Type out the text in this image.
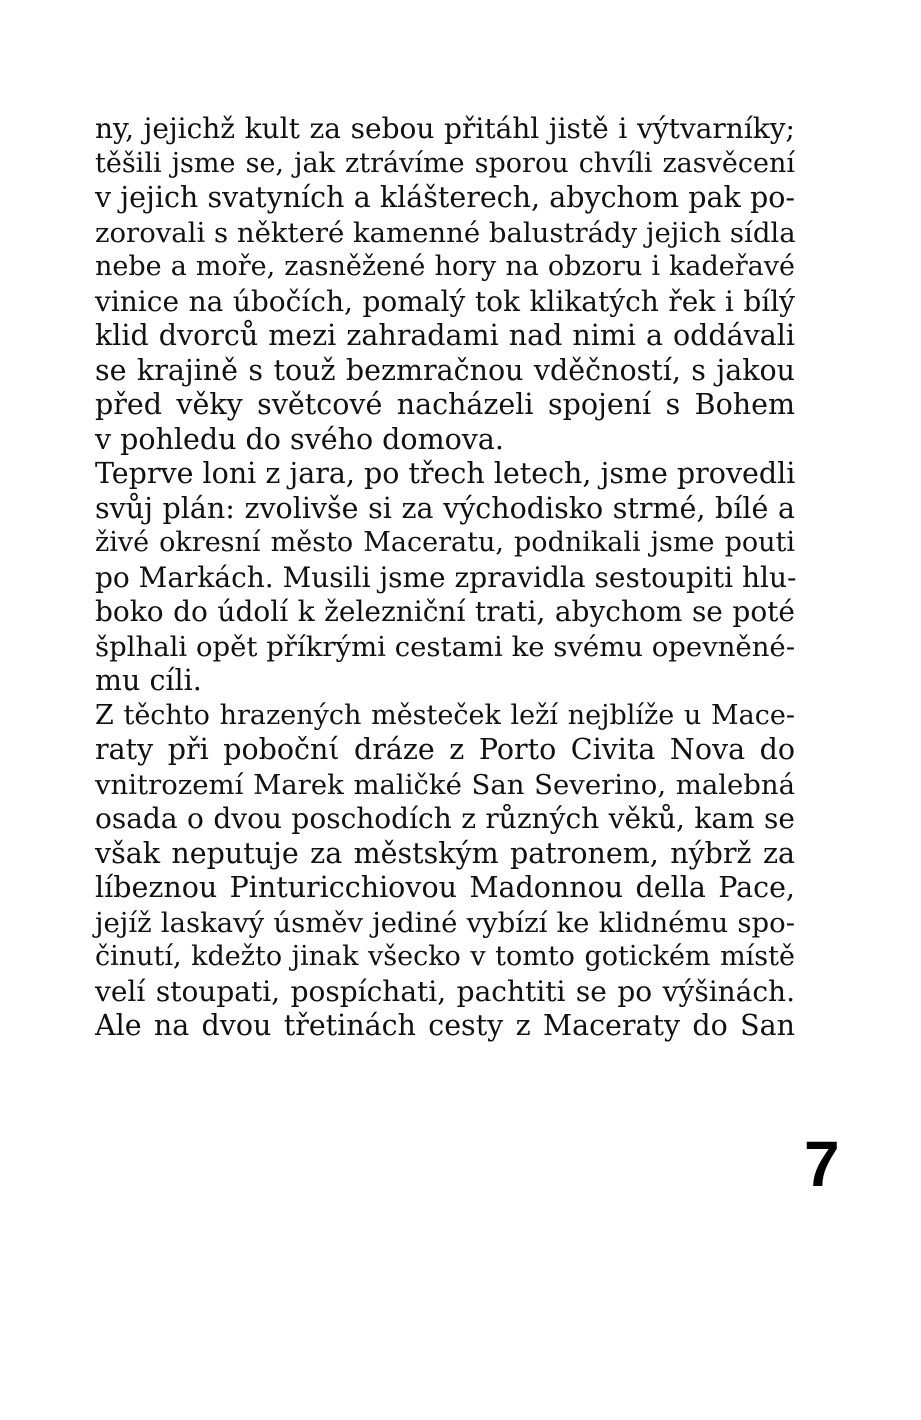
ny, jejichž kult za sebou přitáhl jistě i výtvarníky;
těšili jsme se, jak ztrávíme sporou chvíli zasvěcení
v jejich svatyních a klášterech, abychom pak po-
zorovali s některé kamenné balustrády jejich sídla
nebe a moře, zasněžené hory na obzoru i kadeřavé
vinice na úbočích, pomalý tok klikatých řek i bílý
klid dvorců mezi zahradami nad nimi a oddávali
se krajině s touž bezmračnou vděčností, s jakou
před věky světcové nacházeli spojení s Bohem
v pohledu do svého domova.
Teprve loni z jara, po třech letech, jsme provedli
svůj plán: zvolivše si za východisko strmé, bílé a
živé okresní město Maceratu, podnikali jsme pouti
po Markách. Musili jsme zpravidla sestoupiti hlu-
boko do údolí k železniční trati, abychom se poté
šplhali opět příkrými cestami ke svému opevněné-
mu cíli.
Z těchto hrazených městeček leží nejblíže u Mace-
raty při pobočnί dráze z Porto Civita Nova do
vnitrozemí Marek maličké San Severino, malebná
osada o dvou poschodích z různých věků, kam se
však neputuje za městským patronem, nýbrž za
líbeznou Pinturicchiovou Madonnou della Pace,
jejíž laskavý úsměv jediné vybízí ke klidnému spo-
činutí, kdežto jinak všecko v tomto gotickém místě
velí stoupati, pospíchati, pachtiti se po výšinách.
Ale na dvou třetinách cesty z Maceraty do San
7
